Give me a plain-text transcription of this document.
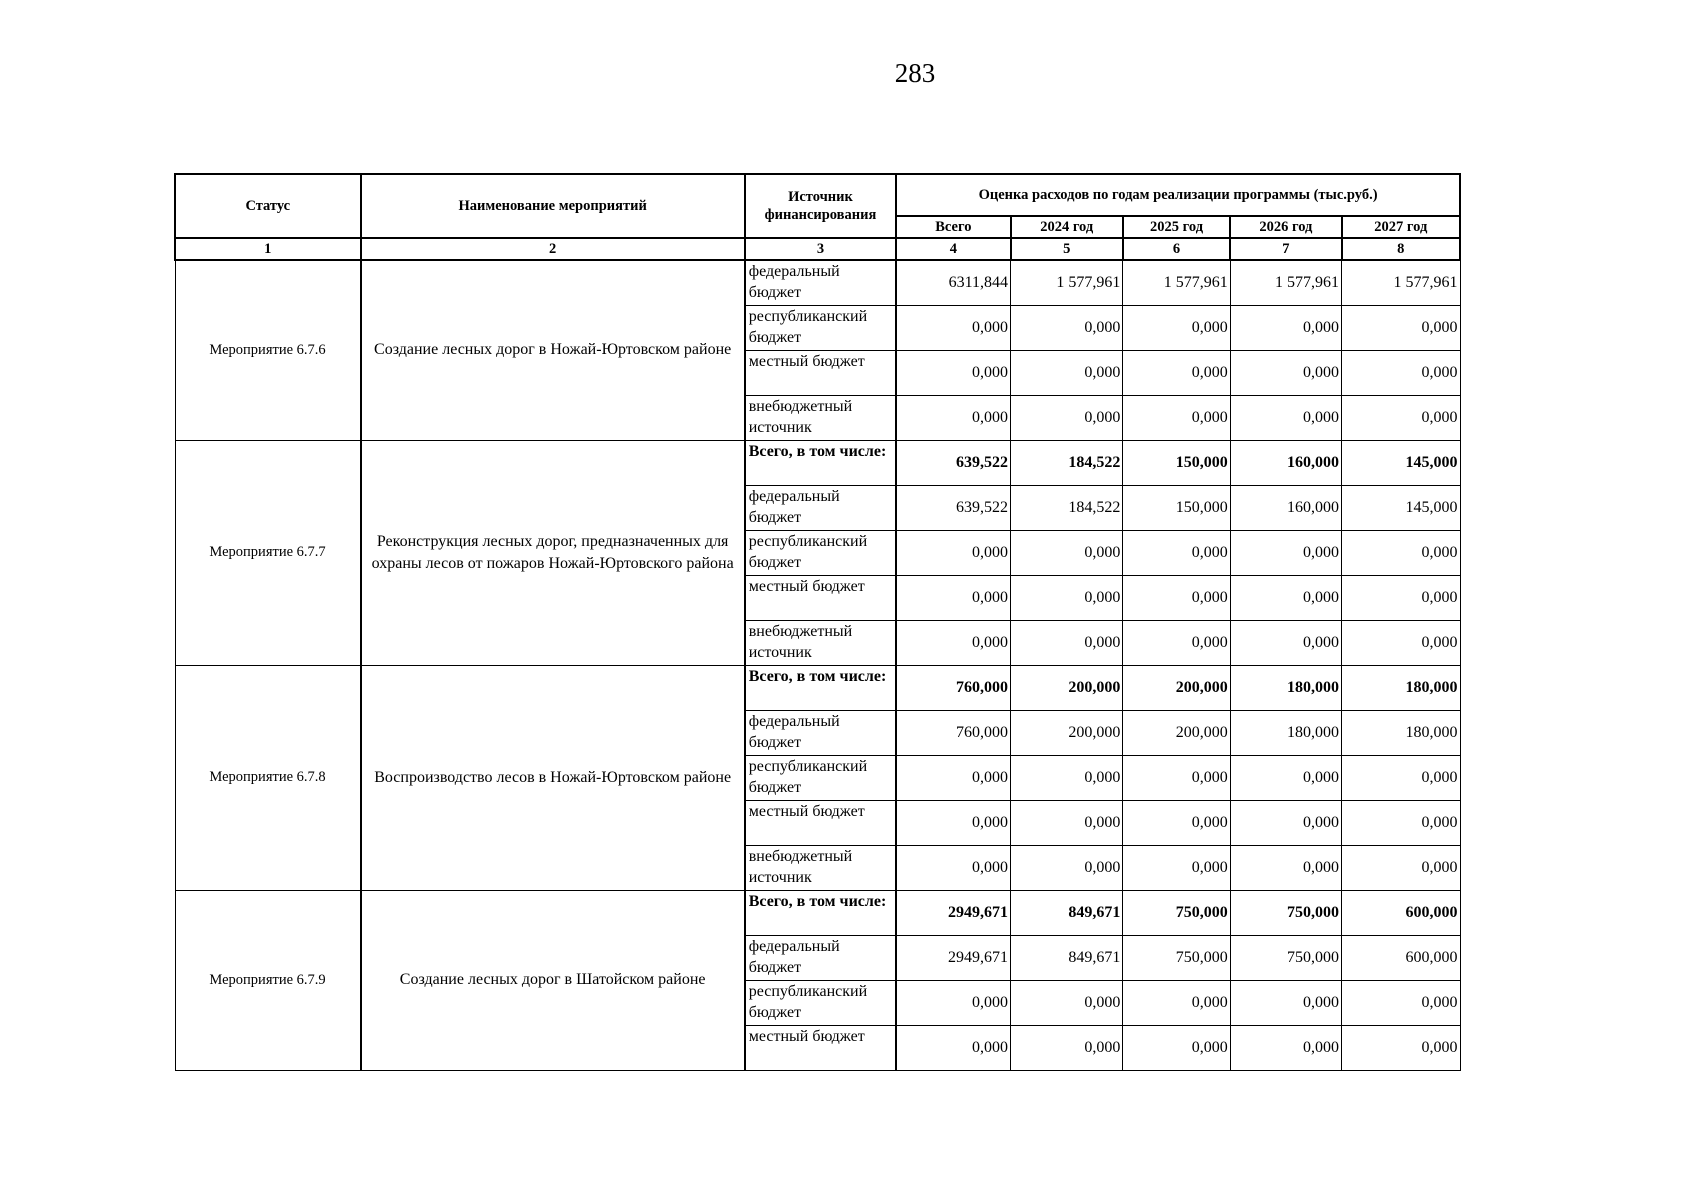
283
Статус	Наименование мероприятий	Источник финансирования	Оценка расходов по годам реализации программы (тыс.руб.)				
			Всего	2024 год	2025 год	2026 год	2027 год
1	2	3	4	5	6	7	8
Мероприятие 6.7.6	Создание лесных дорог в Ножай-Юртовском районе	федеральный бюджет	6311,844	1 577,961	1 577,961	1 577,961	1 577,961
		республиканский бюджет	0,000	0,000	0,000	0,000	0,000
		местный бюджет	0,000	0,000	0,000	0,000	0,000
		внебюджетный источник	0,000	0,000	0,000	0,000	0,000
Мероприятие 6.7.7	Реконструкция лесных дорог, предназначенных для охраны лесов от пожаров Ножай-Юртовского района	Всего, в том числе:	639,522	184,522	150,000	160,000	145,000
		федеральный бюджет	639,522	184,522	150,000	160,000	145,000
		республиканский бюджет	0,000	0,000	0,000	0,000	0,000
		местный бюджет	0,000	0,000	0,000	0,000	0,000
		внебюджетный источник	0,000	0,000	0,000	0,000	0,000
Мероприятие 6.7.8	Воспроизводство лесов в Ножай-Юртовском районе	Всего, в том числе:	760,000	200,000	200,000	180,000	180,000
		федеральный бюджет	760,000	200,000	200,000	180,000	180,000
		республиканский бюджет	0,000	0,000	0,000	0,000	0,000
		местный бюджет	0,000	0,000	0,000	0,000	0,000
		внебюджетный источник	0,000	0,000	0,000	0,000	0,000
Мероприятие 6.7.9	Создание лесных дорог в Шатойском районе	Всего, в том числе:	2949,671	849,671	750,000	750,000	600,000
		федеральный бюджет	2949,671	849,671	750,000	750,000	600,000
		республиканский бюджет	0,000	0,000	0,000	0,000	0,000
		местный бюджет	0,000	0,000	0,000	0,000	0,000
